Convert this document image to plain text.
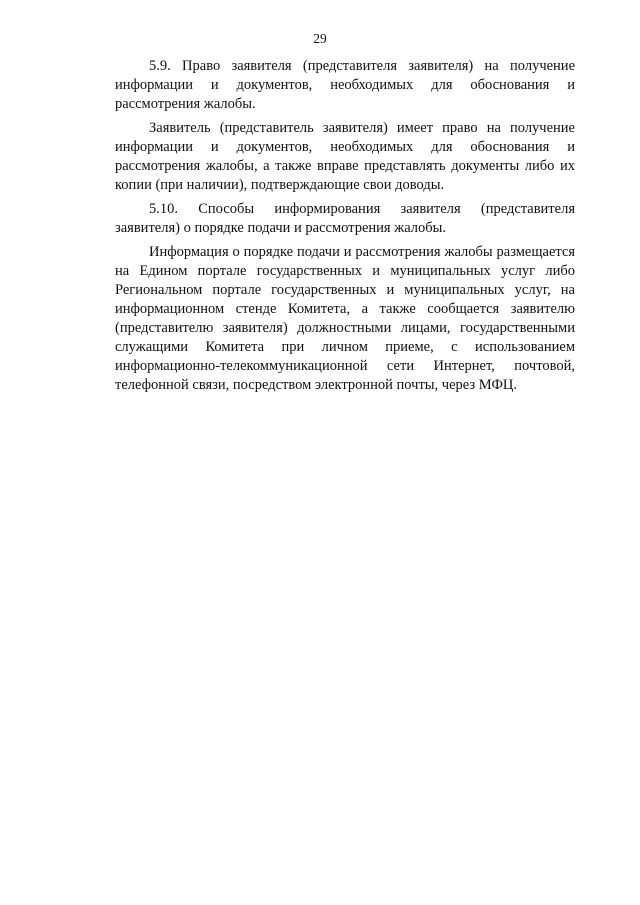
29

5.9. Право заявителя (представителя заявителя) на получение информации и документов, необходимых для обоснования и рассмотрения жалобы.

Заявитель (представитель заявителя) имеет право на получение информации и документов, необходимых для обоснования и рассмотрения жалобы, а также вправе представлять документы либо их копии (при наличии), подтверждающие свои доводы.

5.10. Способы информирования заявителя (представителя заявителя) о порядке подачи и рассмотрения жалобы.

Информация о порядке подачи и рассмотрения жалобы размещается на Едином портале государственных и муниципальных услуг либо Региональном портале государственных и муниципальных услуг, на информационном стенде Комитета, а также сообщается заявителю (представителю заявителя) должностными лицами, государственными служащими Комитета при личном приеме, с использованием информационно-телекоммуникационной сети Интернет, почтовой, телефонной связи, посредством электронной почты, через МФЦ.
